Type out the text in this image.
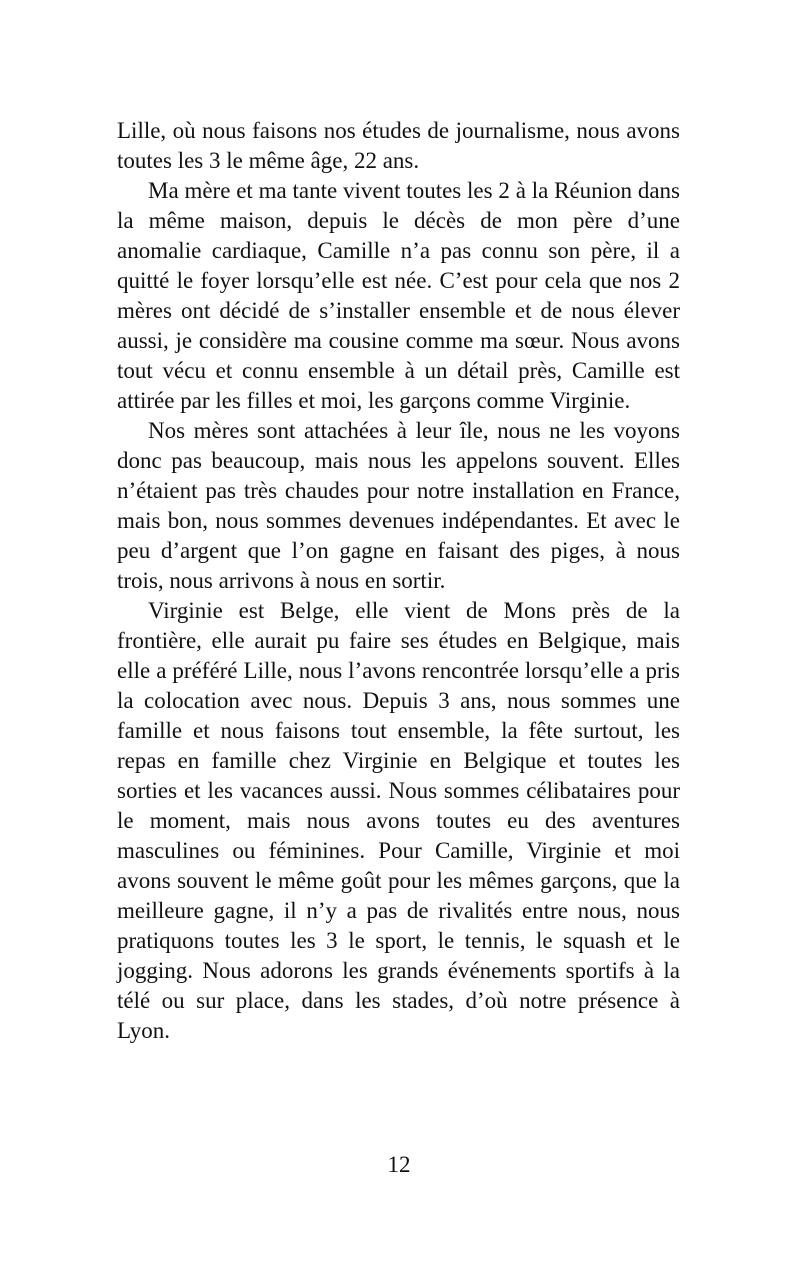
Lille, où nous faisons nos études de journalisme, nous avons toutes les 3 le même âge, 22 ans.

Ma mère et ma tante vivent toutes les 2 à la Réunion dans la même maison, depuis le décès de mon père d’une anomalie cardiaque, Camille n’a pas connu son père, il a quitté le foyer lorsqu’elle est née. C’est pour cela que nos 2 mères ont décidé de s’installer ensemble et de nous élever aussi, je considère ma cousine comme ma sœur. Nous avons tout vécu et connu ensemble à un détail près, Camille est attirée par les filles et moi, les garçons comme Virginie.

Nos mères sont attachées à leur île, nous ne les voyons donc pas beaucoup, mais nous les appelons souvent. Elles n’étaient pas très chaudes pour notre installation en France, mais bon, nous sommes devenues indépendantes. Et avec le peu d’argent que l’on gagne en faisant des piges, à nous trois, nous arrivons à nous en sortir.

Virginie est Belge, elle vient de Mons près de la frontière, elle aurait pu faire ses études en Belgique, mais elle a préféré Lille, nous l’avons rencontrée lorsqu’elle a pris la colocation avec nous. Depuis 3 ans, nous sommes une famille et nous faisons tout ensemble, la fête surtout, les repas en famille chez Virginie en Belgique et toutes les sorties et les vacances aussi. Nous sommes célibataires pour le moment, mais nous avons toutes eu des aventures masculines ou féminines. Pour Camille, Virginie et moi avons souvent le même goût pour les mêmes garçons, que la meilleure gagne, il n’y a pas de rivalités entre nous, nous pratiquons toutes les 3 le sport, le tennis, le squash et le jogging. Nous adorons les grands événements sportifs à la télé ou sur place, dans les stades, d’où notre présence à Lyon.

12
